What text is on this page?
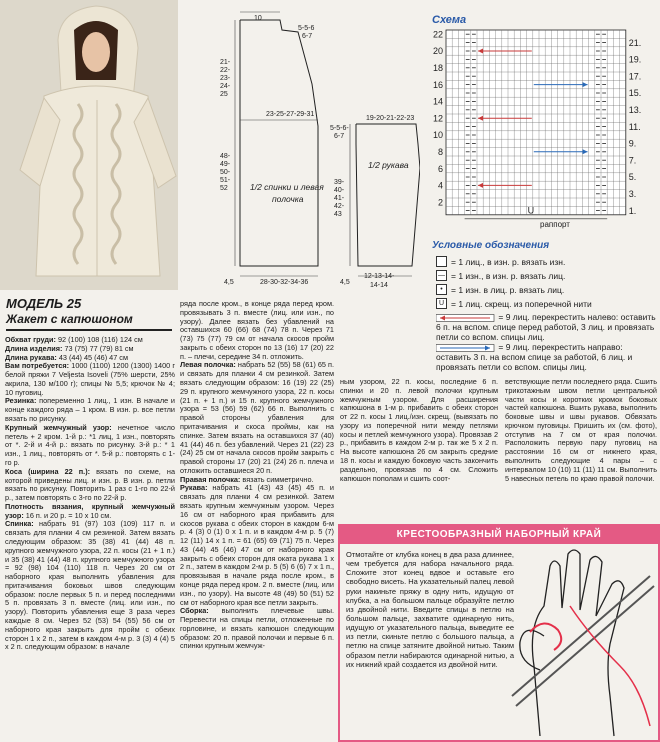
10
5-5-6
6-7
21-
22-
23-
24-
25
23-25-27-29-31
48-
49-
50-
51-
52	1/2 спинки и левая
полочка
4,5	28-30-32-34-36
5-5-6-
6-7
19-20-21-22-23
1/2 рукава
39-
40-
41-
42-
43
4,5
12-13-14-
14-14
Схема
U
22
20
18
16
14
12
10
8
6
4
2
21.
19.
17.
15.
13.
11.
9.
7.
5.
3.
1.
раппорт
Условные обозначения
= 1 лиц., в изн. р. вязать изн.
— = 1 изн., в изн. р. вязать лиц.
• = 1 изн. в лиц. р. вязать лиц.
U = 1 лиц. скрещ. из поперечной нити
= 9 лиц. перекрестить налево: оставить 6 п. на вспом. спице перед работой, 3 лиц. и провязать петли со вспом. спицы лиц.
= 9 лиц. перекрестить направо: оставить 3 п. на вспом спице за работой, 6 лиц. и провязать петли со вспом. спицы лиц.
МОДЕЛЬ 25
Жакет с капюшоном

Обхват груди: 92 (100) 108 (116) 124 см

Длина изделия: 73 (75) 77 (79) 81 см

Длина рукава: 43 (44) 45 (46) 47 см

Вам потребуется: 1000 (1100) 1200 (1300) 1400 г белой пряжи 7 Veljesta Isoveli (75% шерсти, 25% акрила, 130 м/100 г); спицы № 5,5; крючок № 4; 10 пуговиц.

Резинка: попеременно 1 лиц., 1 изн. В начале и конце каждого ряда – 1 кром. В изн. р. все петли вязать по рисунку.

Крупный жемчужный узор: нечетное число петель + 2 кром. 1-й р.: *1 лиц, 1 изн., повторять от *. 2-й и 4-й р.: вязать по рисунку. 3-й р.: * 1 изн., 1 лиц., повторять от *. 5-й р.: повторять с 1-го р.

Коса (ширина 22 п.): вязать по схеме, на которой приведены лиц. и изн. р. В изн. р. петли вязать по рисунку. Повторить 1 раз с 1-го по 22-й р., затем повторять с 3-го по 22-й р.

Плотность вязания, крупный жемчужный узор: 16 п. и 20 р. = 10 х 10 см.

Спинка: набрать 91 (97) 103 (109) 117 п. и связать для планки 4 см резинкой. Затем вязать следующим образом: 35 (38) 41 (44) 48 п. крупного жемчужного узора, 22 п. косы (21 + 1 п.) и 35 (38) 41 (44) 48 п. крупного жемчужного узора = 92 (98) 104 (110) 118 п. Через 20 см от наборного края выполнить убавления для притачивания боковых швов следующим образом: после первых 5 п. и перед последними 5 п. провязать 3 п. вместе (лиц. или изн., по узору). Повторить убавления еще 3 раза через каждые 8 см. Через 52 (53) 54 (55) 56 см от наборного края закрыть для пройм с обеих сторон 1 х 2 п., затем в каждом 4-м р. 3 (3) 4 (4) 5 х 2 п. следующим образом: в начале

ряда после кром., в конце ряда перед кром. провязывать 3 п. вместе (лиц. или изн., по узору). Далее вязать без убавлений на оставшихся 60 (66) 68 (74) 78 п. Через 71 (73) 75 (77) 79 см от начала скосов пройм закрыть с обеих сторон по 13 (16) 17 (20) 22 п. – плечи, середине 34 п. отложить.

Левая полочка: набрать 52 (55) 58 (61) 65 п. и связать для планки 4 см резинкой. Затем вязать следующим образом: 16 (19) 22 (25) 29 п. крупного жемчужного узора, 22 п. косы (21 п. + 1 п.) и 15 п. крупного жемчужного узора = 53 (56) 59 (62) 66 п. Выполнить с правой стороны убавления для притачивания и скоса проймы, как на спинке. Затем вязать на оставшихся 37 (40) 41 (44) 46 п. без убавлений. Через 21 (22) 23 (24) 25 см от начала скосов пройм закрыть с правой стороны 17 (20) 21 (24) 26 п. плеча и отложить оставшиеся 20 п.

Правая полочка: вязать симметрично.

Рукава: набрать 41 (43) 43 (45) 45 п. и связать для планки 4 см резинкой. Затем вязать крупным жемчужным узором. Через 16 см от наборного края прибавить для скосов рукава с обеих сторон в каждом 6-м р. 4 (3) 0 (1) 0 х 1 п. и в каждом 4-м р. 5 (7) 12 (11) 14 х 1 п. = 61 (65) 69 (71) 75 п. Через 43 (44) 45 (46) 47 см от наборного края закрыть с обеих сторон для оката рукава 1 х 2 п., затем в каждом 2-м р. 5 (5) 6 (6) 7 х 1 п., провязывая в начале ряда после кром., в конце ряда перед кром. 2 п. вместе (лиц. или изн., по узору). На высоте 48 (49) 50 (51) 52 см от наборного края все петли закрыть.

Сборка: выполнить плечевые швы. Перевести на спицы петли, отложенные по горловине, и вязать капюшон следующим образом: 20 п. правой полочки и первые 6 п. спинки крупным жемчуж-

ным узором, 22 п. косы, последние 6 п. спинки и 20 п. левой полочки крупным жемчужным узором. Для расширения капюшона в 1-м р. прибавить с обеих сторон от 22 п. косы 1 лиц./изн. скрещ. (вывязать по узору из поперечной нити между петлями косы и петлей жемчужного узора). Провязав 2 р., прибавить в каждом 2-м р. так же 5 х 2 п. На высоте капюшона 26 см закрыть средние 18 п. косы и каждую боковую часть закончить раздельно, провязав по 4 см. Сложить капюшон пополам и сшить соот-

ветствующие петли последнего ряда. Сшить трикотажным швом петли центральной части косы и коротких кромок боковых частей капюшона. Вшить рукава, выполнить боковые швы и швы рукавов. Обвязать крючком пуговицы. Пришить их (см. фото), отступив на 7 см от края полочки. Расположить первую пару пуговиц на расстоянии 16 см от нижнего края, выполнить следующие 4 пары – с интервалом 10 (10) 11 (11) 11 см. Выполнить 5 навесных петель по краю правой полочки.

КРЕСТООБРАЗНЫЙ НАБОРНЫЙ КРАЙ
Отмотайте от клубка конец в два раза длиннее, чем требуется для набора начального ряда. Сложите этот конец вдвое и оставьте его свободно висеть. На указательный палец левой руки накиньте пряжу в одну нить, идущую от клубка, а на большом пальце образуйте петлю из двойной нити. Введите спицы в петлю на большом пальце, захватите одинарную нить, идущую от указательного пальца, выведите ее из петли, скиньте петлю с большого пальца, а петлю на спице затяните двойной нитью. Таким образом петли набираются одинарной нитью, а их нижний край создается из двойной нити.
